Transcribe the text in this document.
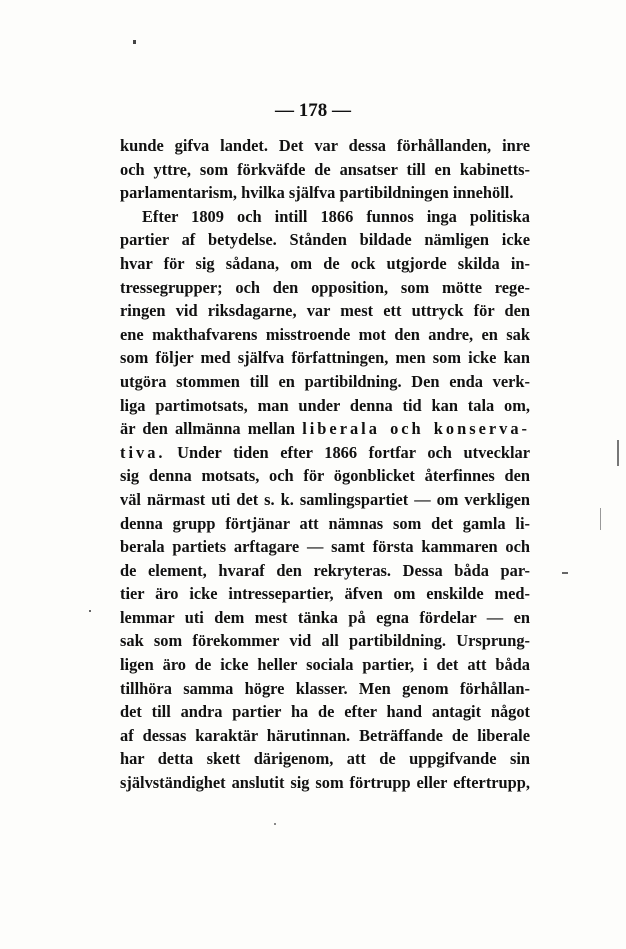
— 178 —
kunde gifva landet. Det var dessa förhållanden, inre
och yttre, som förkväfde de ansatser till en kabinetts-
parlamentarism, hvilka själfva partibildningen innehöll.
Efter 1809 och intill 1866 funnos inga politiska
partier af betydelse. Stånden bildade nämligen icke
hvar för sig sådana, om de ock utgjorde skilda in-
tressegrupper; och den opposition, som mötte rege-
ringen vid riksdagarne, var mest ett uttryck för den
ene makthafvarens misstroende mot den andre, en sak
som följer med själfva författningen, men som icke kan
utgöra stommen till en partibildning. Den enda verk-
liga partimotsats, man under denna tid kan tala om,
är den allmänna mellan liberala och konserva-
tiva. Under tiden efter 1866 fortfar och utvecklar
sig denna motsats, och för ögonblicket återfinnes den
väl närmast uti det s. k. samlingspartiet — om verkligen
denna grupp förtjänar att nämnas som det gamla li-
berala partiets arftagare — samt första kammaren och
de element, hvaraf den rekryteras. Dessa båda par-
tier äro icke intressepartier, äfven om enskilde med-
lemmar uti dem mest tänka på egna fördelar — en
sak som förekommer vid all partibildning. Ursprung-
ligen äro de icke heller sociala partier, i det att båda
tillhöra samma högre klasser. Men genom förhållan-
det till andra partier ha de efter hand antagit något
af dessas karaktär härutinnan. Beträffande de liberale
har detta skett därigenom, att de uppgifvande sin
självständighet anslutit sig som förtrupp eller eftertrupp,
